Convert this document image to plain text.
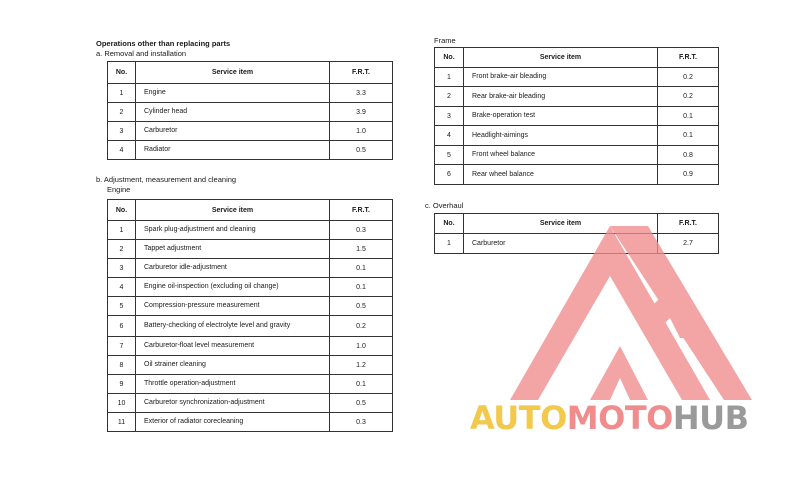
Operations other than replacing parts
a. Removal and installation
b. Adjustment, measurement and cleaning
Engine
Frame
c. Overhaul
No.	Service item	F.R.T.
1	Engine	3.3
2	Cylinder head	3.9
3	Carburetor	1.0
4	Radiator	0.5
No.	Service item	F.R.T.
1	Spark plug-adjustment and cleaning	0.3
2	Tappet adjustment	1.5
3	Carburetor idle-adjustment	0.1
4	Engine oil-inspection (excluding oil change)	0.1
5	Compression-pressure measurement	0.5
6	Battery-checking of electrolyte level and gravity	0.2
7	Carburetor-float level measurement	1.0
8	Oil strainer cleaning	1.2
9	Throttle operation-adjustment	0.1
10	Carburetor synchronization-adjustment	0.5
11	Exterior of radiator corecleaning	0.3
No.	Service item	F.R.T.
1	Front brake-air bleading	0.2
2	Rear brake-air bleading	0.2
3	Brake-operation test	0.1
4	Headlight-aimings	0.1
5	Front wheel balance	0.8
6	Rear wheel balance	0.9
No.	Service item	F.R.T.
1	Carburetor	2.7
AUTOMOTOHUB
